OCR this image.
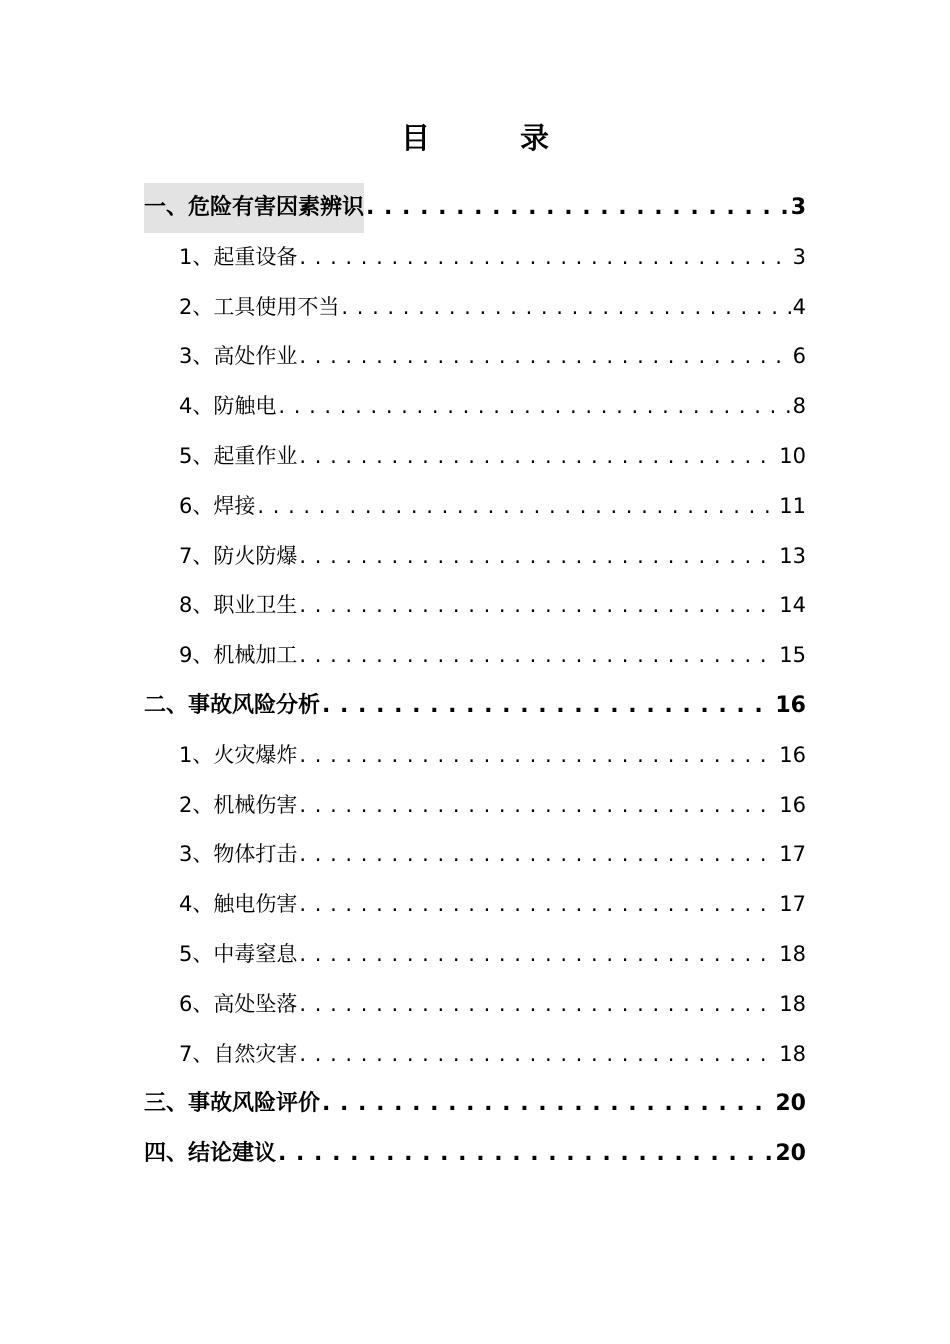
目 录
一、危险有害因素辨识 . . .	3
1、起重设备 . . .	3
2、工具使用不当 . . .	4
3、高处作业 . . .	6
4、防触电 . . .	8
5、起重作业 . . .	10
6、焊接 . . .	11
7、防火防爆 . . .	13
8、职业卫生 . . .	14
9、机械加工 . . .	15
二、事故风险分析 . . .	16
1、火灾爆炸 . . .	16
2、机械伤害 . . .	16
3、物体打击 . . .	17
4、触电伤害 . . .	17
5、中毒窒息 . . .	18
6、高处坠落 . . .	18
7、自然灾害 . . .	18
三、事故风险评价 . . .	20
四、结论建议 . . .	20
